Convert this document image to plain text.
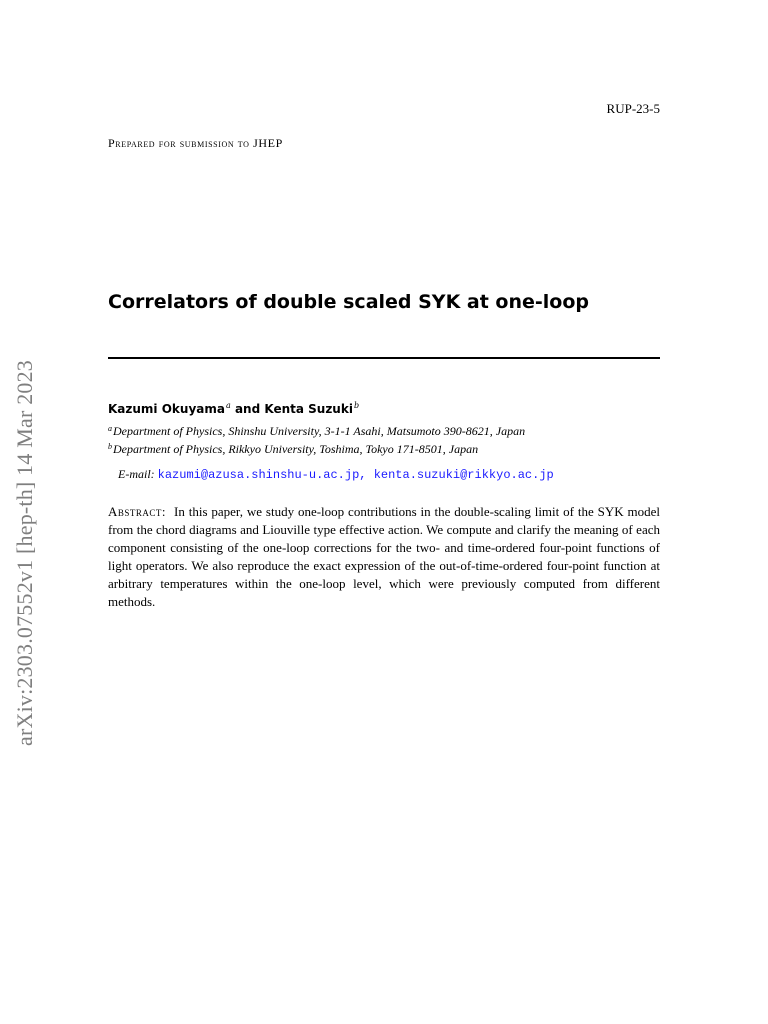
RUP-23-5
Prepared for submission to JHEP
arXiv:2303.07552v1 [hep-th] 14 Mar 2023
Correlators of double scaled SYK at one-loop
Kazumi Okuyama$^a$ and Kenta Suzuki$^b$
$^a$Department of Physics, Shinshu University, 3-1-1 Asahi, Matsumoto 390-8621, Japan
$^b$Department of Physics, Rikkyo University, Toshima, Tokyo 171-8501, Japan
E-mail: kazumi@azusa.shinshu-u.ac.jp, kenta.suzuki@rikkyo.ac.jp

Abstract: In this paper, we study one-loop contributions in the double-scaling limit of the SYK model from the chord diagrams and Liouville type effective action. We compute and clarify the meaning of each component consisting of the one-loop corrections for the two- and time-ordered four-point functions of light operators. We also reproduce the exact expression of the out-of-time-ordered four-point function at arbitrary temperatures within the one-loop level, which were previously computed from different methods.
